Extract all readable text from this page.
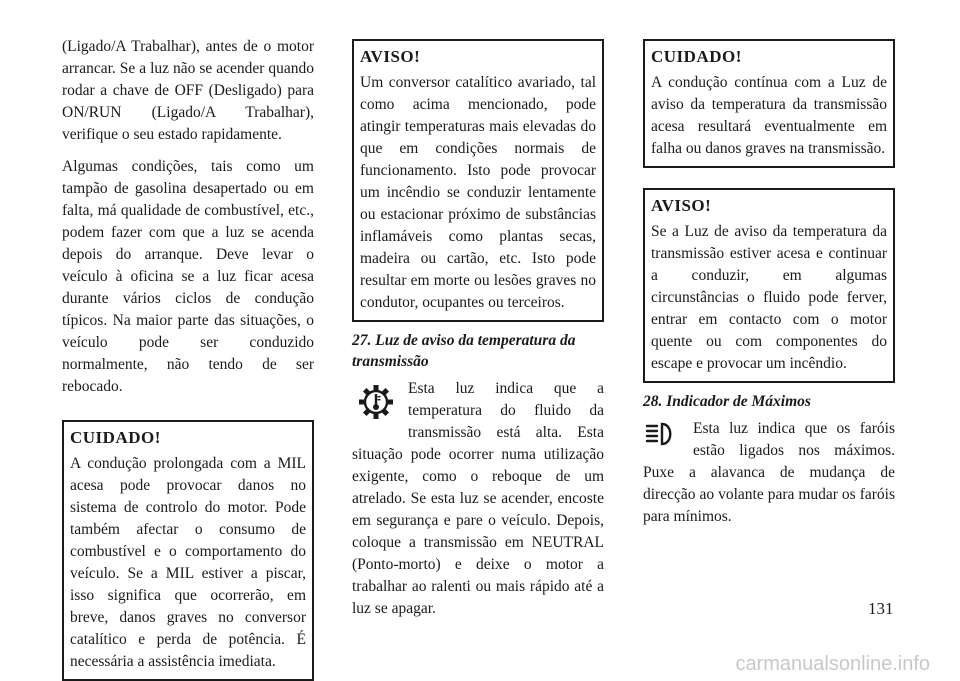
(Ligado/A Trabalhar), antes de o motor arrancar. Se a luz não se acender quando rodar a chave de OFF (Desligado) para ON/RUN (Ligado/A Trabalhar), verifique o seu estado rapidamente.

Algumas condições, tais como um tampão de gasolina desapertado ou em falta, má qualidade de combustível, etc., podem fazer com que a luz se acenda depois do arranque. Deve levar o veículo à oficina se a luz ficar acesa durante vários ciclos de condução típicos. Na maior parte das situações, o veículo pode ser conduzido normalmente, não tendo de ser rebocado.

CUIDADO!

A condução prolongada com a MIL acesa pode provocar danos no sistema de controlo do motor. Pode também afectar o consumo de combustível e o comportamento do veículo. Se a MIL estiver a piscar, isso significa que ocorrerão, em breve, danos graves no conversor catalítico e perda de potência. É necessária a assistência imediata.

AVISO!

Um conversor catalítico avariado, tal como acima mencionado, pode atingir temperaturas mais elevadas do que em condições normais de funcionamento. Isto pode provocar um incêndio se conduzir lentamente ou estacionar próximo de substâncias inflamáveis como plantas secas, madeira ou cartão, etc. Isto pode resultar em morte ou lesões graves no condutor, ocupantes ou terceiros.

27. Luz de aviso da temperatura da transmissão

Esta luz indica que a temperatura do fluido da transmissão está alta. Esta situação pode ocorrer numa utilização exigente, como o reboque de um atrelado. Se esta luz se acender, encoste em segurança e pare o veículo. Depois, coloque a transmissão em NEUTRAL (Ponto-morto) e deixe o motor a trabalhar ao ralenti ou mais rápido até a luz se apagar.

CUIDADO!

A condução contínua com a Luz de aviso da temperatura da transmissão acesa resultará eventualmente em falha ou danos graves na transmissão.

AVISO!

Se a Luz de aviso da temperatura da transmissão estiver acesa e continuar a conduzir, em algumas circunstâncias o fluido pode ferver, entrar em contacto com o motor quente ou com componentes do escape e provocar um incêndio.

28. Indicador de Máximos

Esta luz indica que os faróis estão ligados nos máximos. Puxe a alavanca de mudança de direcção ao volante para mudar os faróis para mínimos.

131
carmanualsonline.info
